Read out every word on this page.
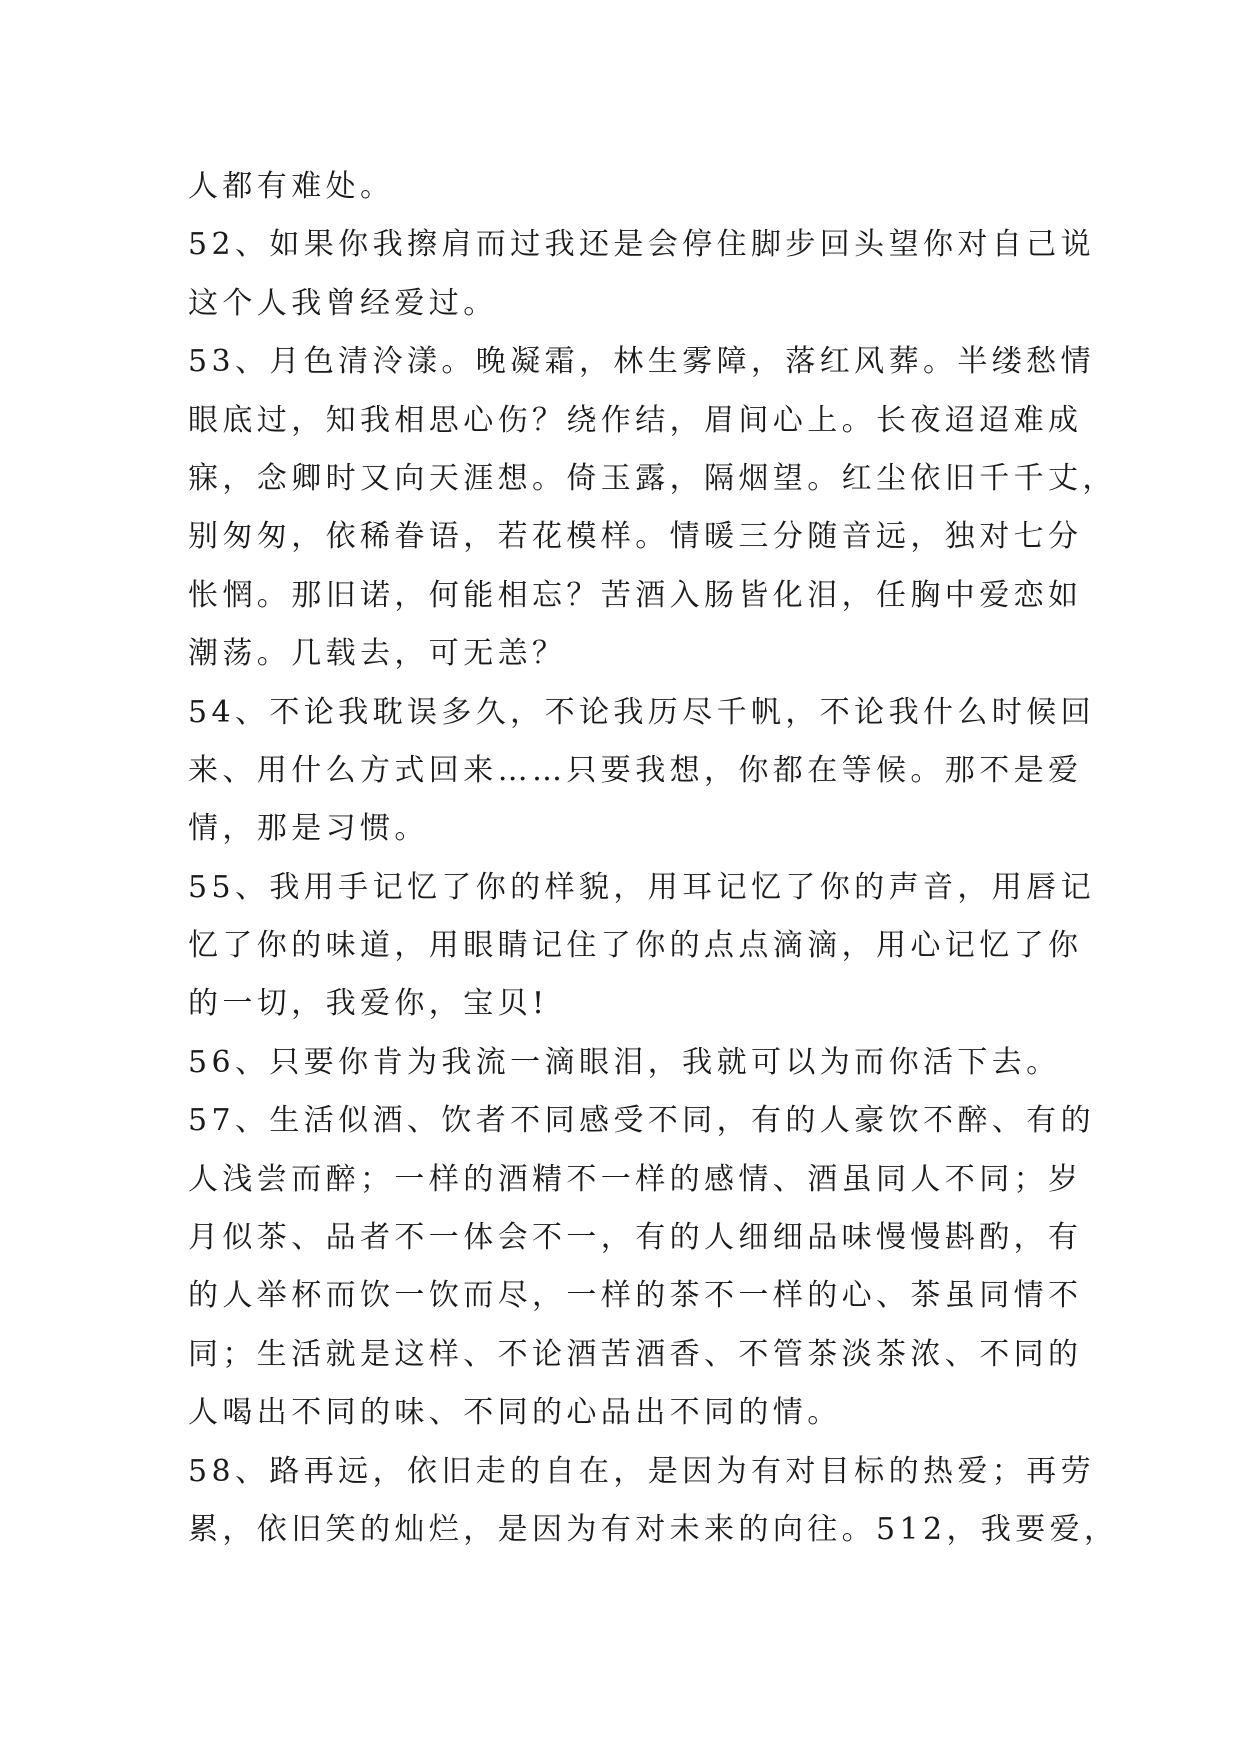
人都有难处。
52、如果你我擦肩而过我还是会停住脚步回头望你对自己说
这个人我曾经爱过。
53、月色清泠漾。晚凝霜，林生雾障，落红风葬。半缕愁情
眼底过，知我相思心伤？绕作结，眉间心上。长夜迢迢难成
寐，念卿时又向天涯想。倚玉露，隔烟望。红尘依旧千千丈，
别匆匆，依稀眷语，若花模样。情暖三分随音远，独对七分
怅惘。那旧诺，何能相忘？苦酒入肠皆化泪，任胸中爱恋如
潮荡。几载去，可无恙？
54、不论我耽误多久，不论我历尽千帆，不论我什么时候回
来、用什么方式回来……只要我想，你都在等候。那不是爱
情，那是习惯。
55、我用手记忆了你的样貌，用耳记忆了你的声音，用唇记
忆了你的味道，用眼睛记住了你的点点滴滴，用心记忆了你
的一切，我爱你，宝贝!
56、只要你肯为我流一滴眼泪，我就可以为而你活下去。
57、生活似酒、饮者不同感受不同，有的人豪饮不醉、有的
人浅尝而醉；一样的酒精不一样的感情、酒虽同人不同；岁
月似茶、品者不一体会不一，有的人细细品味慢慢斟酌，有
的人举杯而饮一饮而尽，一样的茶不一样的心、茶虽同情不
同；生活就是这样、不论酒苦酒香、不管茶淡茶浓、不同的
人喝出不同的味、不同的心品出不同的情。
58、路再远，依旧走的自在，是因为有对目标的热爱；再劳
累，依旧笑的灿烂，是因为有对未来的向往。512，我要爱，
